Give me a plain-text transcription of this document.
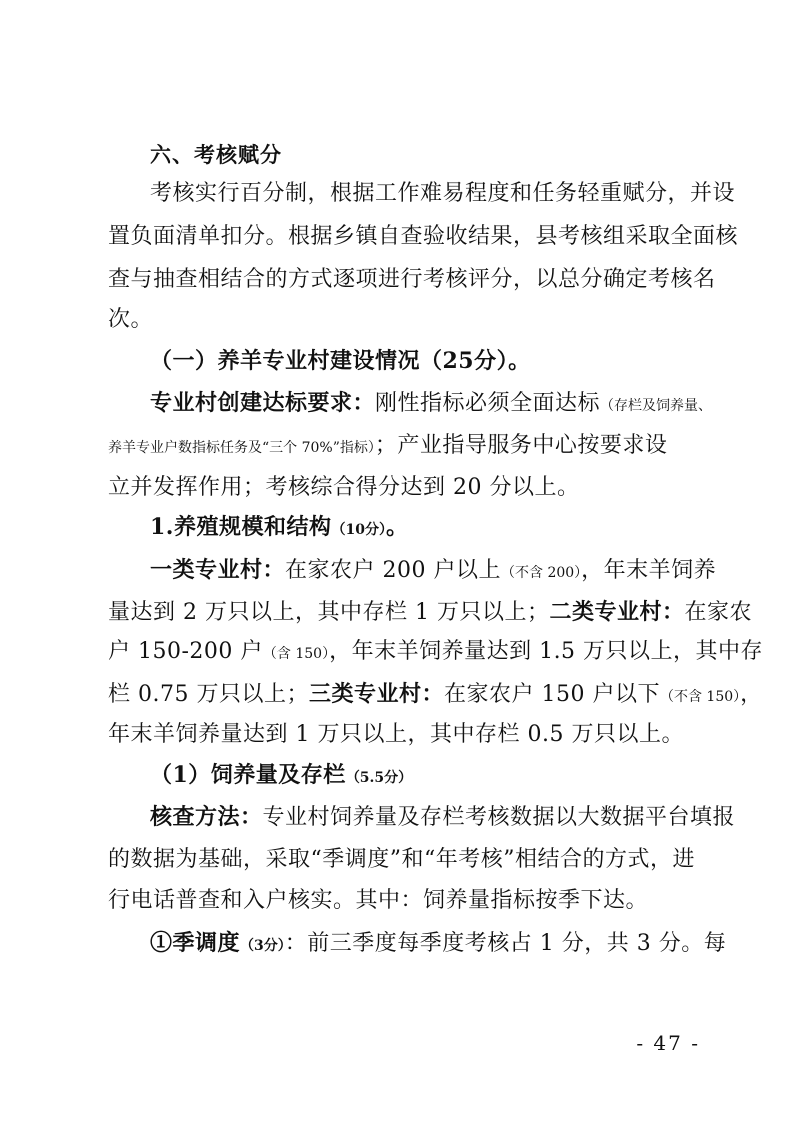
六、考核赋分
考核实行百分制，根据工作难易程度和任务轻重赋分，并设
置负面清单扣分。根据乡镇自查验收结果，县考核组采取全面核
查与抽查相结合的方式逐项进行考核评分，以总分确定考核名
次。
（一）养羊专业村建设情况（25分）。
专业村创建达标要求：刚性指标必须全面达标（存栏及饲养量、
养羊专业户数指标任务及“三个 70%”指标）；产业指导服务中心按要求设
立并发挥作用；考核综合得分达到 20 分以上。
1.养殖规模和结构（10分）。
一类专业村：在家农户 200 户以上（不含 200），年末羊饲养
量达到 2 万只以上，其中存栏 1 万只以上；二类专业村：在家农
户 150-200 户（含 150），年末羊饲养量达到 1.5 万只以上，其中存
栏 0.75 万只以上；三类专业村：在家农户 150 户以下（不含 150），
年末羊饲养量达到 1 万只以上，其中存栏 0.5 万只以上。
（1）饲养量及存栏（5.5分）
核查方法：专业村饲养量及存栏考核数据以大数据平台填报
的数据为基础，采取“季调度”和“年考核”相结合的方式，进
行电话普查和入户核实。其中：饲养量指标按季下达。
①季调度（3分）：前三季度每季度考核占 1 分，共 3 分。每
- 47 -
